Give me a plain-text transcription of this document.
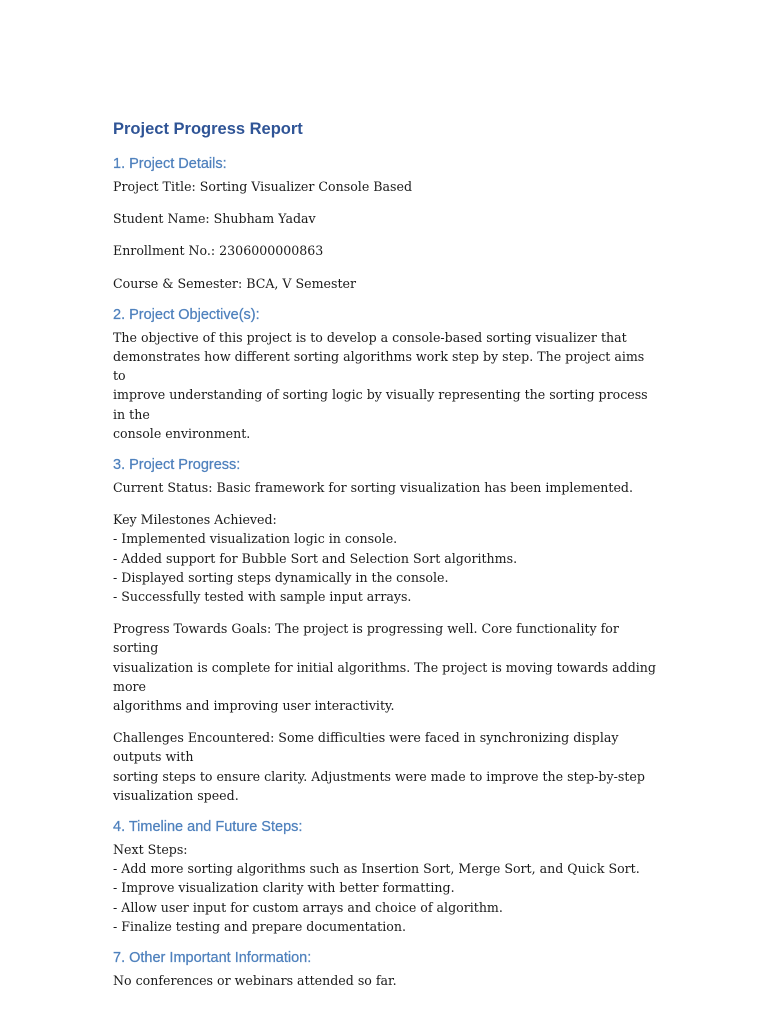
Project Progress Report
1. Project Details:

Project Title: Sorting Visualizer Console Based

Student Name: Shubham Yadav

Enrollment No.: 2306000000863

Course & Semester: BCA, V Semester

2. Project Objective(s):

The objective of this project is to develop a console-based sorting visualizer that
demonstrates how different sorting algorithms work step by step. The project aims to
improve understanding of sorting logic by visually representing the sorting process in the
console environment.

3. Project Progress:

Current Status: Basic framework for sorting visualization has been implemented.

Key Milestones Achieved:
- Implemented visualization logic in console.
- Added support for Bubble Sort and Selection Sort algorithms.
- Displayed sorting steps dynamically in the console.
- Successfully tested with sample input arrays.

Progress Towards Goals: The project is progressing well. Core functionality for sorting
visualization is complete for initial algorithms. The project is moving towards adding more
algorithms and improving user interactivity.

Challenges Encountered: Some difficulties were faced in synchronizing display outputs with
sorting steps to ensure clarity. Adjustments were made to improve the step-by-step
visualization speed.

4. Timeline and Future Steps:

Next Steps:
- Add more sorting algorithms such as Insertion Sort, Merge Sort, and Quick Sort.
- Improve visualization clarity with better formatting.
- Allow user input for custom arrays and choice of algorithm.
- Finalize testing and prepare documentation.

7. Other Important Information:

No conferences or webinars attended so far.
